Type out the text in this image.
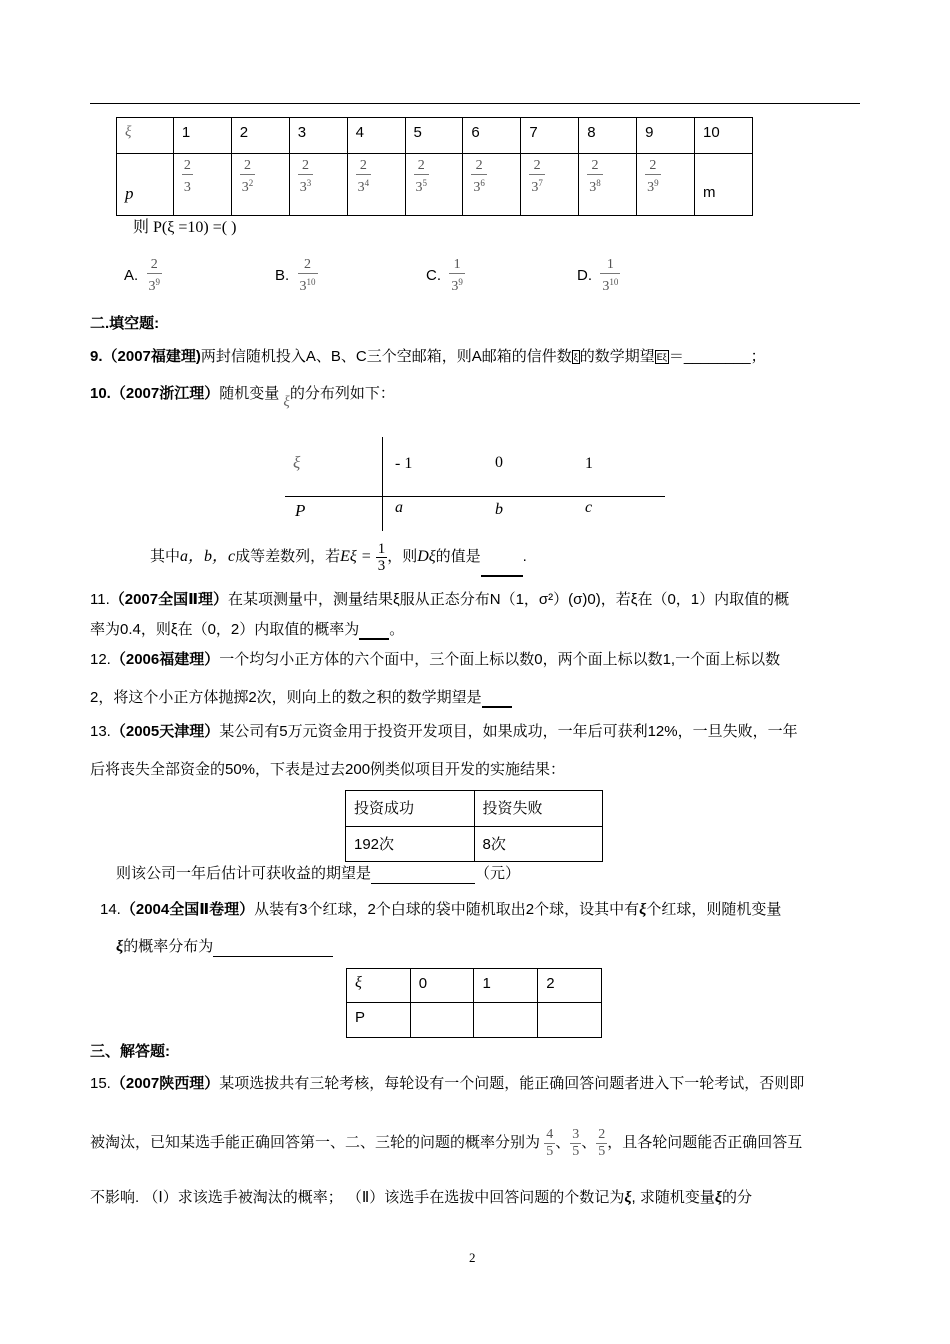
ξ	1	2	3	4	5	6	7	8	9	10
p	$\frac{2}{3}$	$\frac{2}{3^2}$	$\frac{2}{3^3}$	$\frac{2}{3^4}$	$\frac{2}{3^5}$	$\frac{2}{3^6}$	$\frac{2}{3^7}$	$\frac{2}{3^8}$	$\frac{2}{3^9}$	m
则 P(ξ =10) =( )
A. $\frac{2}{3^9}$	B. $\frac{2}{3^{10}}$	C. $\frac{1}{3^9}$	D. $\frac{1}{3^{10}}$
二.填空题:
9.（2007福建理)两封信随机投入A、B、C三个空邮箱，则A邮箱的信件数 ξ 的数学期望 Eξ ＝________；
10.（2007浙江理）随机变量 ξ的分布列如下：
ξ	- 1	0	1
P	a	b	c
其中a，b，c成等差数列，若$E\xi = \frac{1}{3}$ ，则Dξ的值是	.
11.（2007全国Ⅱ理）在某项测量中，测量结果ξ服从正态分布N（1，σ²）(σ)0)，若ξ在（0，1）内取值的概
率为0.4，则ξ在（0，2）内取值的概率为 。
12.（2006福建理）一个均匀小正方体的六个面中，三个面上标以数0，两个面上标以数1,一个面上标以数
2，将这个小正方体抛掷2次，则向上的数之积的数学期望是
13.（2005天津理）某公司有5万元资金用于投资开发项目，如果成功，一年后可获利12%，一旦失败，一年
后将丧失全部资金的50%，下表是过去200例类似项目开发的实施结果：
投资成功	投资失败
192次	8次
则该公司一年后估计可获收益的期望是	（元）
14.（2004全国Ⅱ卷理）从装有3个红球，2个白球的袋中随机取出2个球，设其中有ξ个红球，则随机变量
ξ的概率分布为
ξ	0	1	2
P			
三、解答题:
15.（2007陕西理）某项选拔共有三轮考核，每轮设有一个问题，能正确回答问题者进入下一轮考试，否则即
被淘汰，已知某选手能正确回答第一、二、三轮的问题的概率分别为 $\frac{4}{5}$ 、 $\frac{3}{5}$ 、 $\frac{2}{5}$ ，且各轮问题能否正确回答互
不影响. （Ⅰ）求该选手被淘汰的概率； （Ⅱ）该选手在选拔中回答问题的个数记为ξ, 求随机变量ξ的分
2
